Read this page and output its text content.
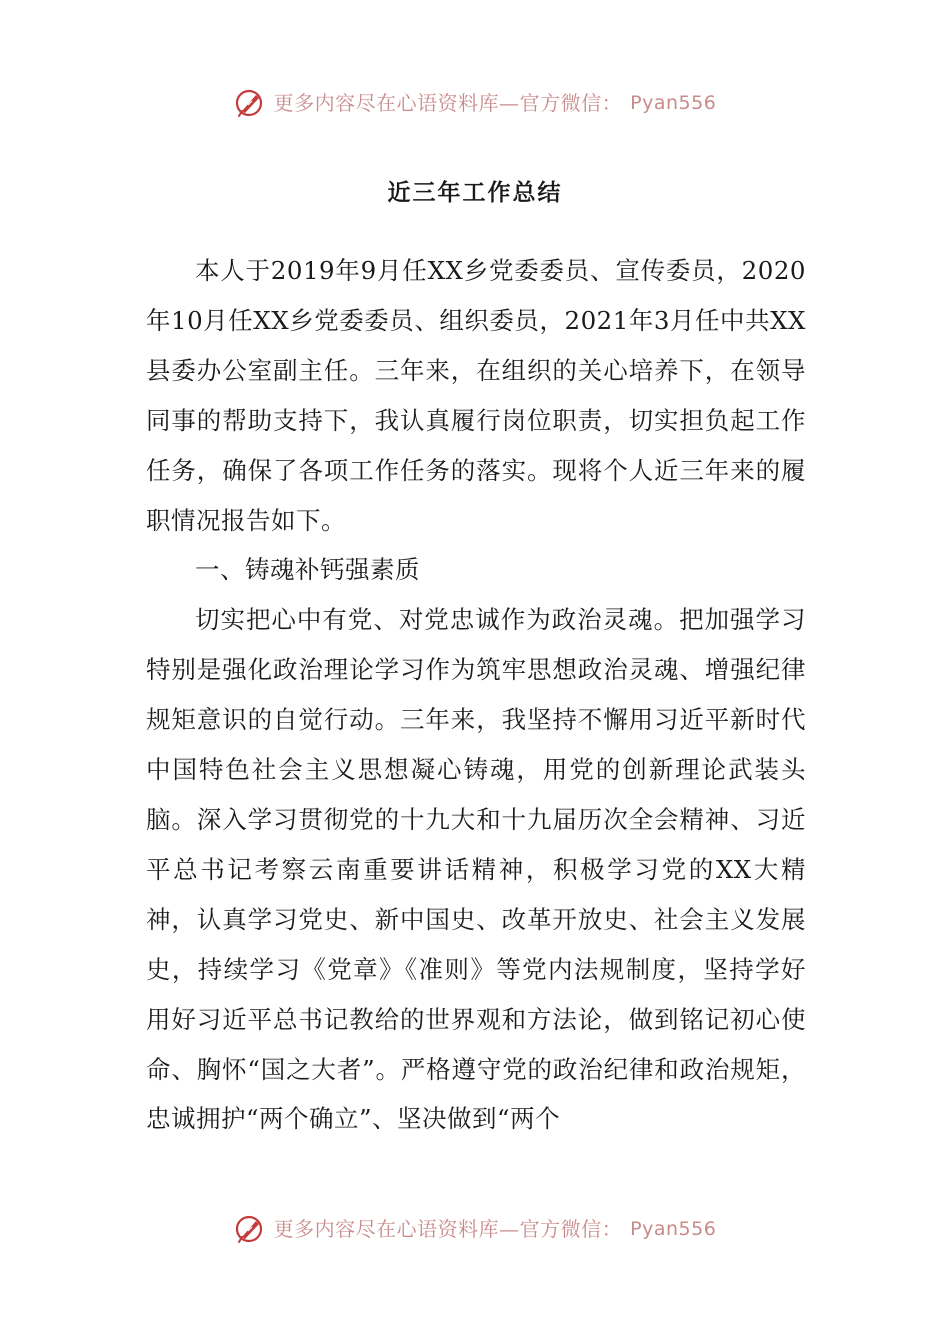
更多内容尽在心语资料库—官方微信： Pyan556
近三年工作总结

本人于2019年9月任XX乡党委委员、宣传委员，2020年10月任XX乡党委委员、组织委员，2021年3月任中共XX县委办公室副主任。三年来，在组织的关心培养下，在领导同事的帮助支持下，我认真履行岗位职责，切实担负起工作任务，确保了各项工作任务的落实。现将个人近三年来的履职情况报告如下。

一、铸魂补钙强素质

切实把心中有党、对党忠诚作为政治灵魂。把加强学习特别是强化政治理论学习作为筑牢思想政治灵魂、增强纪律规矩意识的自觉行动。三年来，我坚持不懈用习近平新时代中国特色社会主义思想凝心铸魂，用党的创新理论武装头脑。深入学习贯彻党的十九大和十九届历次全会精神、习近平总书记考察云南重要讲话精神，积极学习党的XX大精神，认真学习党史、新中国史、改革开放史、社会主义发展史，持续学习《党章》《准则》等党内法规制度，坚持学好用好习近平总书记教给的世界观和方法论，做到铭记初心使命、胸怀“国之大者”。严格遵守党的政治纪律和政治规矩，忠诚拥护“两个确立”、坚决做到“两个

更多内容尽在心语资料库—官方微信： Pyan556
